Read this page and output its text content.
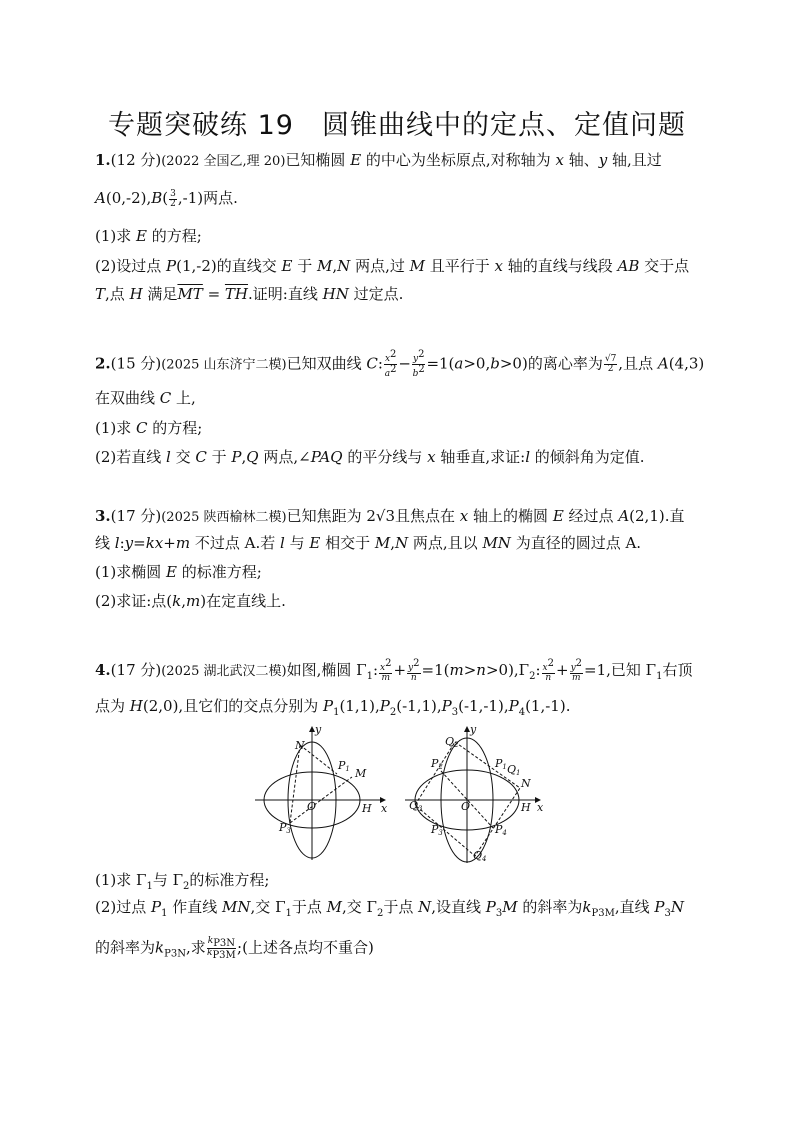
专题突破练 19　圆锥曲线中的定点、定值问题
1.(12 分)(2022 全国乙,理 20)已知椭圆 E 的中心为坐标原点,对称轴为 x 轴、y 轴,且过
$A(0,-2),B( \frac{3}{2} ,-1)$两点.
(1)求 E 的方程;
(2)设过点 P(1,-2)的直线交 E 于 M,N 两点,过 M 且平行于 x 轴的直线与线段 AB 交于点
T,点 H 满足$\overline{MT} = \overline{TH}$.证明:直线 HN 过定点.
2.(15 分)(2025 山东济宁二模)已知双曲线 C: $\frac{x^2}{a^2} - \frac{y^2}{b^2} =1(a>0,b>0)$的离心率为 $\frac{√7}{2}$ ,且点 A(4,3)
在双曲线 C 上,
(1)求 C 的方程;
(2)若直线 l 交 C 于 P,Q 两点,∠PAQ 的平分线与 x 轴垂直,求证:l 的倾斜角为定值.
3.(17 分)(2025 陕西榆林二模)已知焦距为 2√3且焦点在 x 轴上的椭圆 E 经过点 A(2,1).直
线 l:y=kx+m 不过点 A.若 l 与 E 相交于 M,N 两点,且以 MN 为直径的圆过点 A.
(1)求椭圆 E 的标准方程;
(2)求证:点(k,m)在定直线上.
4.(17 分)(2025 湖北武汉二模)如图,椭圆 $\Gamma_1$: $\frac{x^2}{m} + \frac{y^2}{n} =1(m>n>0),\Gamma_2$: $\frac{x^2}{n} + \frac{y^2}{m} =1$,已知 $\Gamma_1$右顶
点为 H(2,0),且它们的交点分别为 $P_1(1,1),P_2(-1,1),P_3(-1,-1),P_4(1,-1)$.
y
N
P1 M
O	H x
P3
y
Q2
P2	P1 Q1
N
Q3	O	H x
P3	P4
Q4
(1)求 $\Gamma_1$与 $\Gamma_2$的标准方程;
(2)过点 $P_1$ 作直线 MN,交 $\Gamma_1$于点 M,交 $\Gamma_2$于点 N,设直线 $P_3M$ 的斜率为$k_{P3M}$,直线 $P_3N$
的斜率为$k_{P3N}$,求 $\frac{k_{P3N}}{k_{P3M}}$ ;(上述各点均不重合)
